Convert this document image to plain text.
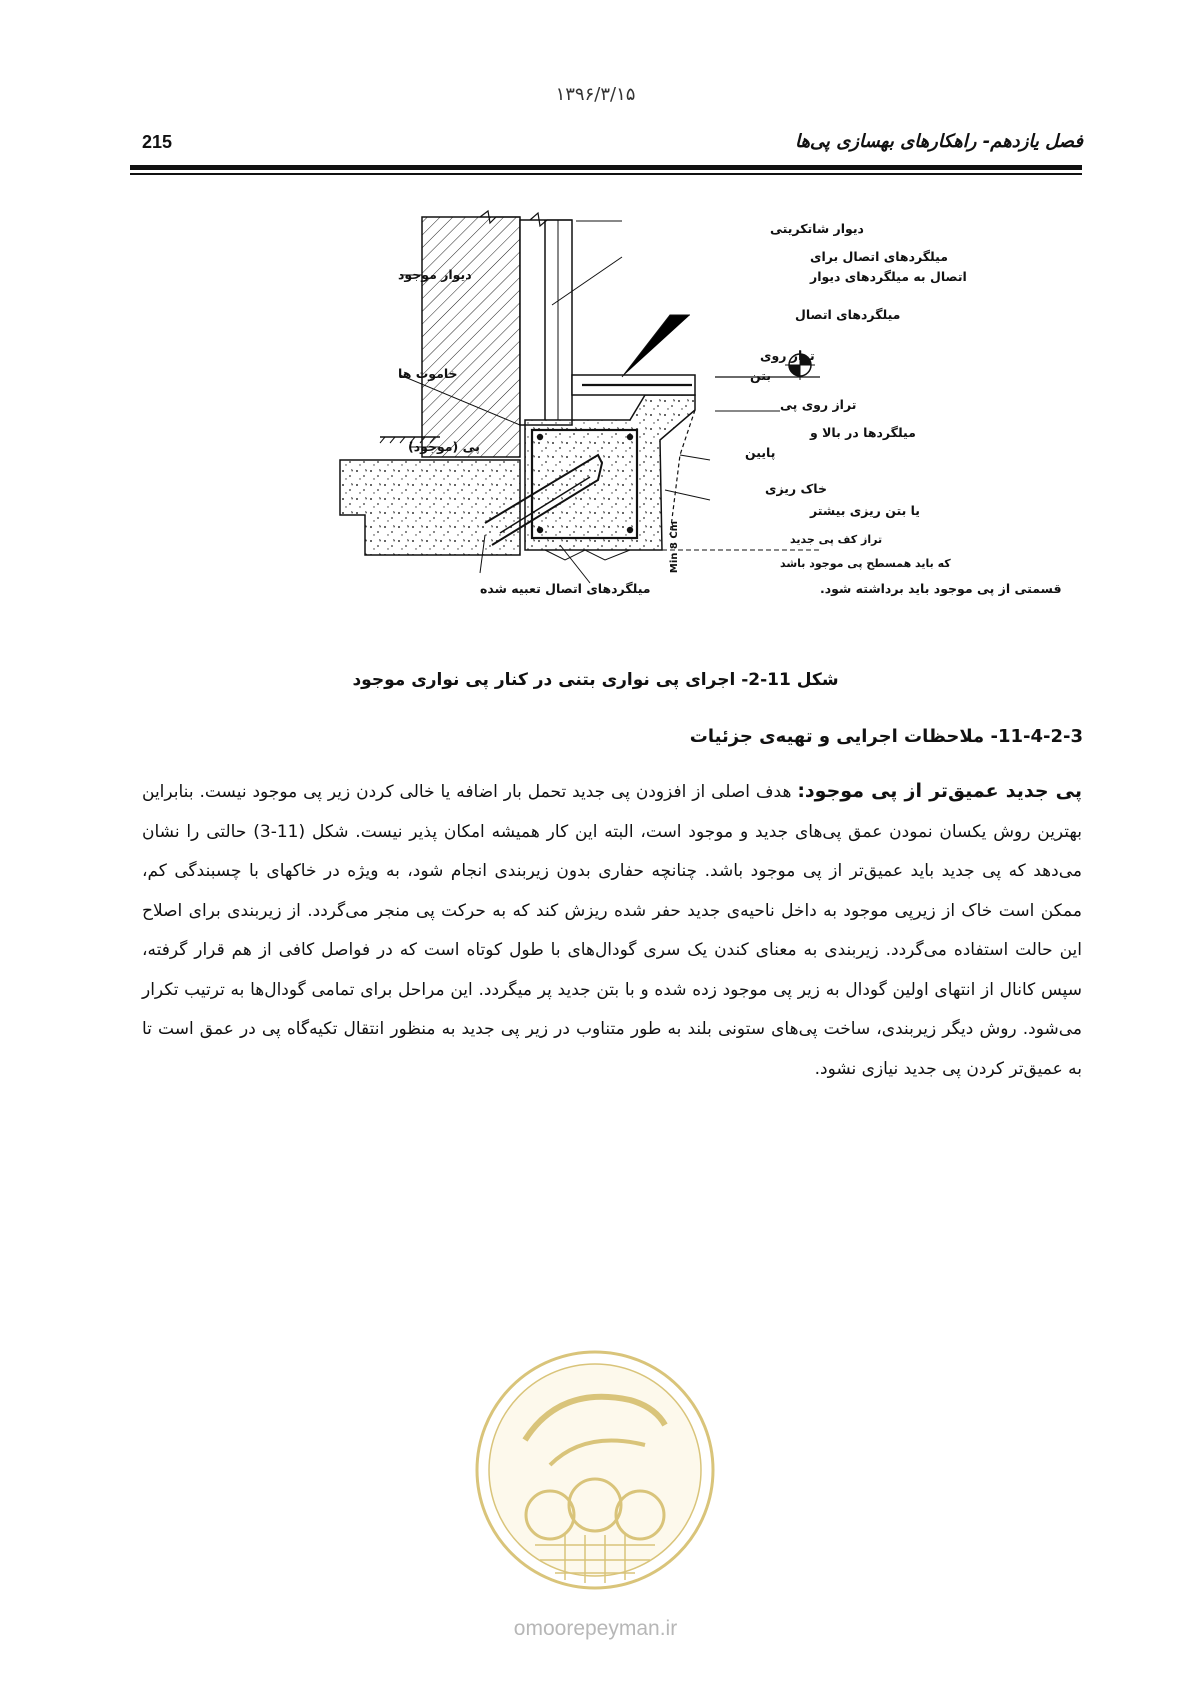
۱۳۹۶/۳/۱۵
215	فصل یازدهم- راهکارهای بهسازی پی‌ها
دیوار شاتکریتی
میلگردهای اتصال برای
اتصال به میلگردهای دیوار
دیوار موجود
میلگردهای اتصال
تراز روی
بتن
خاموت ها
تراز روی پی
پی (موجود)
میلگردها در بالا و
پایین
خاک ریزی
یا بتن ریزی بیشتر
تراز کف پی جدید
Min 8 Cm	که باید همسطح پی موجود باشد
قسمتی از پی موجود باید برداشته شود.
میلگردهای اتصال تعبیه شده
شکل 11-2- اجرای پی نواری بتنی در کنار پی نواری موجود
11-4-2-3- ملاحظات اجرایی و تهیه‌ی جزئیات
پی جدید عمیق‌تر از پی موجود: هدف اصلی از افزودن پی جدید تحمل بار اضافه یا خالی کردن زیر پی موجود نیست. بنابراین بهترین روش یکسان نمودن عمق پی‌های جدید و موجود است، البته این کار همیشه امکان پذیر نیست. شکل (11-3) حالتی را نشان می‌دهد که پی جدید باید عمیق‌تر از پی موجود باشد. چنانچه حفاری بدون زیربندی انجام شود، به ویژه در خاکهای با چسبندگی کم، ممکن است خاک از زیرپی موجود به داخل ناحیه‌ی جدید حفر شده ریزش کند که به حرکت پی منجر می‌گردد. از زیربندی برای اصلاح این حالت استفاده می‌گردد. زیربندی به معنای کندن یک سری گودال‌های با طول کوتاه است که در فواصل کافی از هم قرار گرفته، سپس کانال از انتهای اولین گودال به زیر پی موجود زده شده و با بتن جدید پر میگردد. این مراحل برای تمامی گودال‌ها به ترتیب تکرار می‌شود. روش دیگر زیربندی، ساخت پی‌های ستونی بلند به طور متناوب در زیر پی جدید به منظور انتقال تکیه‌گاه پی در عمق است تا به عمیق‌تر کردن پی جدید نیازی نشود.
omoorepeyman.ir
